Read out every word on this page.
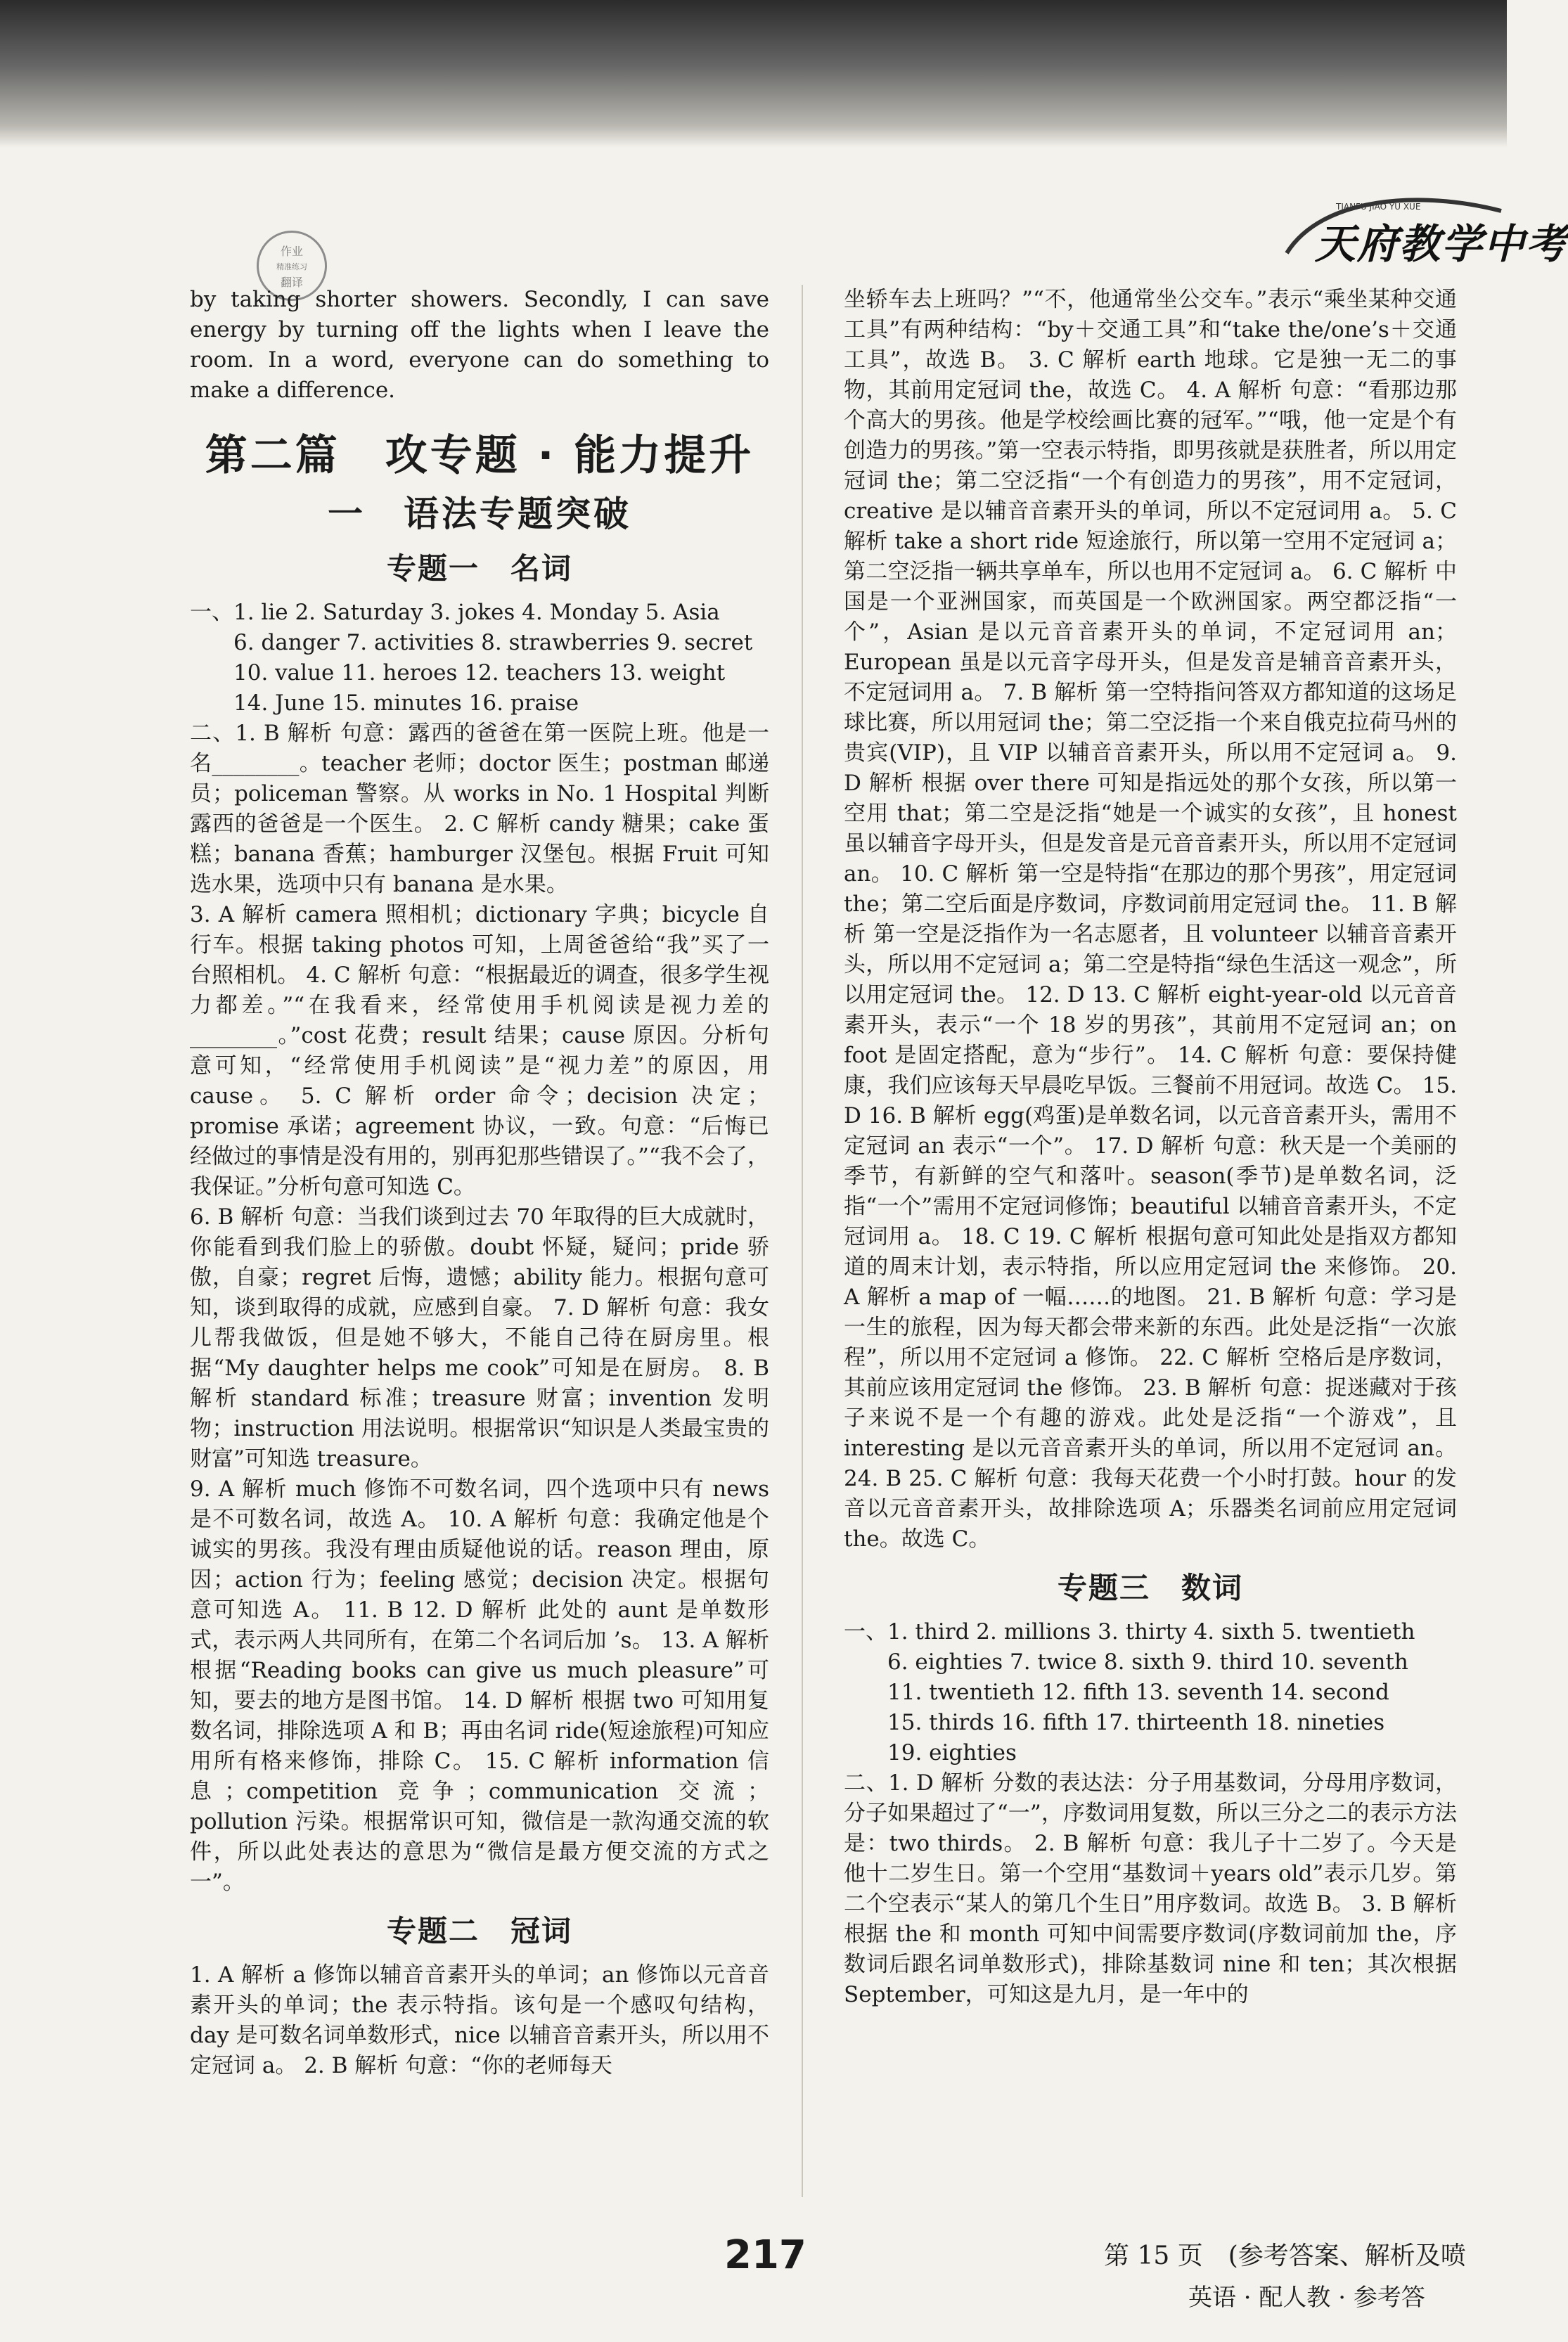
作业
精准练习
翻译
TIANFU JIAO YU XUE
天府教学中考

by taking shorter showers. Secondly, I can save energy by turning off the lights when I leave the room. In a word, everyone can do something to make a difference.

第二篇　攻专题 · 能力提升
一　语法专题突破
专题一　名词
一、 1. lie 2. Saturday 3. jokes 4. Monday 5. Asia

6. danger 7. activities 8. strawberries 9. secret

10. value 11. heroes 12. teachers 13. weight

14. June 15. minutes 16. praise

二、1. B 解析 句意：露西的爸爸在第一医院上班。他是一名________。teacher 老师；doctor 医生；postman 邮递员；policeman 警察。从 works in No. 1 Hospital 判断露西的爸爸是一个医生。 2. C 解析 candy 糖果；cake 蛋糕；banana 香蕉；hamburger 汉堡包。根据 Fruit 可知选水果，选项中只有 banana 是水果。

3. A 解析 camera 照相机；dictionary 字典；bicycle 自行车。根据 taking photos 可知，上周爸爸给“我”买了一台照相机。 4. C 解析 句意：“根据最近的调查，很多学生视力都差。”“在我看来，经常使用手机阅读是视力差的________。”cost 花费；result 结果；cause 原因。分析句意可知，“经常使用手机阅读”是“视力差”的原因，用 cause。 5. C 解析 order 命令；decision 决定；promise 承诺；agreement 协议，一致。句意：“后悔已经做过的事情是没有用的，别再犯那些错误了。”“我不会了，我保证。”分析句意可知选 C。

6. B 解析 句意：当我们谈到过去 70 年取得的巨大成就时，你能看到我们脸上的骄傲。doubt 怀疑，疑问；pride 骄傲，自豪；regret 后悔，遗憾；ability 能力。根据句意可知，谈到取得的成就，应感到自豪。 7. D 解析 句意：我女儿帮我做饭，但是她不够大，不能自己待在厨房里。根据“My daughter helps me cook”可知是在厨房。 8. B 解析 standard 标准；treasure 财富；invention 发明物；instruction 用法说明。根据常识“知识是人类最宝贵的财富”可知选 treasure。

9. A 解析 much 修饰不可数名词，四个选项中只有 news 是不可数名词，故选 A。 10. A 解析 句意：我确定他是个诚实的男孩。我没有理由质疑他说的话。reason 理由，原因；action 行为；feeling 感觉；decision 决定。根据句意可知选 A。 11. B 12. D 解析 此处的 aunt 是单数形式，表示两人共同所有，在第二个名词后加 ’s。 13. A 解析 根据“Reading books can give us much pleasure”可知，要去的地方是图书馆。 14. D 解析 根据 two 可知用复数名词，排除选项 A 和 B；再由名词 ride(短途旅程)可知应用所有格来修饰，排除 C。 15. C 解析 information 信息；competition 竞争；communication 交流；pollution 污染。根据常识可知，微信是一款沟通交流的软件，所以此处表达的意思为“微信是最方便交流的方式之一”。

专题二　冠词

1. A 解析 a 修饰以辅音音素开头的单词；an 修饰以元音音素开头的单词；the 表示特指。该句是一个感叹句结构，day 是可数名词单数形式，nice 以辅音音素开头，所以用不定冠词 a。 2. B 解析 句意：“你的老师每天

坐轿车去上班吗？”“不，他通常坐公交车。”表示“乘坐某种交通工具”有两种结构：“by＋交通工具”和“take the/one’s＋交通工具”，故选 B。 3. C 解析 earth 地球。它是独一无二的事物，其前用定冠词 the，故选 C。 4. A 解析 句意：“看那边那个高大的男孩。他是学校绘画比赛的冠军。”“哦，他一定是个有创造力的男孩。”第一空表示特指，即男孩就是获胜者，所以用定冠词 the；第二空泛指“一个有创造力的男孩”，用不定冠词，creative 是以辅音音素开头的单词，所以不定冠词用 a。 5. C 解析 take a short ride 短途旅行，所以第一空用不定冠词 a；第二空泛指一辆共享单车，所以也用不定冠词 a。 6. C 解析 中国是一个亚洲国家，而英国是一个欧洲国家。两空都泛指“一个”，Asian 是以元音音素开头的单词，不定冠词用 an；European 虽是以元音字母开头，但是发音是辅音音素开头，不定冠词用 a。 7. B 解析 第一空特指问答双方都知道的这场足球比赛，所以用冠词 the；第二空泛指一个来自俄克拉荷马州的贵宾(VIP)，且 VIP 以辅音音素开头，所以用不定冠词 a。 9. D 解析 根据 over there 可知是指远处的那个女孩，所以第一空用 that；第二空是泛指“她是一个诚实的女孩”，且 honest 虽以辅音字母开头，但是发音是元音音素开头，所以用不定冠词 an。 10. C 解析 第一空是特指“在那边的那个男孩”，用定冠词 the；第二空后面是序数词，序数词前用定冠词 the。 11. B 解析 第一空是泛指作为一名志愿者，且 volunteer 以辅音音素开头，所以用不定冠词 a；第二空是特指“绿色生活这一观念”，所以用定冠词 the。 12. D 13. C 解析 eight-year-old 以元音音素开头，表示“一个 18 岁的男孩”，其前用不定冠词 an；on foot 是固定搭配，意为“步行”。 14. C 解析 句意：要保持健康，我们应该每天早晨吃早饭。三餐前不用冠词。故选 C。 15. D 16. B 解析 egg(鸡蛋)是单数名词，以元音音素开头，需用不定冠词 an 表示“一个”。 17. D 解析 句意：秋天是一个美丽的季节，有新鲜的空气和落叶。season(季节)是单数名词，泛指“一个”需用不定冠词修饰；beautiful 以辅音音素开头，不定冠词用 a。 18. C 19. C 解析 根据句意可知此处是指双方都知道的周末计划，表示特指，所以应用定冠词 the 来修饰。 20. A 解析 a map of 一幅……的地图。 21. B 解析 句意：学习是一生的旅程，因为每天都会带来新的东西。此处是泛指“一次旅程”，所以用不定冠词 a 修饰。 22. C 解析 空格后是序数词，其前应该用定冠词 the 修饰。 23. B 解析 句意：捉迷藏对于孩子来说不是一个有趣的游戏。此处是泛指“一个游戏”，且 interesting 是以元音音素开头的单词，所以用不定冠词 an。 24. B 25. C 解析 句意：我每天花费一个小时打鼓。hour 的发音以元音音素开头，故排除选项 A；乐器类名词前应用定冠词 the。故选 C。

专题三　数词
一、 1. third 2. millions 3. thirty 4. sixth 5. twentieth

6. eighties 7. twice 8. sixth 9. third 10. seventh

11. twentieth 12. fifth 13. seventh 14. second

15. thirds 16. fifth 17. thirteenth 18. nineties

19. eighties

二、1. D 解析 分数的表达法：分子用基数词，分母用序数词，分子如果超过了“一”，序数词用复数，所以三分之二的表示方法是：two thirds。 2. B 解析 句意：我儿子十二岁了。今天是他十二岁生日。第一个空用“基数词＋years old”表示几岁。第二个空表示“某人的第几个生日”用序数词。故选 B。 3. B 解析 根据 the 和 month 可知中间需要序数词(序数词前加 the，序数词后跟名词单数形式)，排除基数词 nine 和 ten；其次根据 September，可知这是九月，是一年中的

217	第 15 页　(参考答案、解析及喷
英语 · 配人教 · 参考答
